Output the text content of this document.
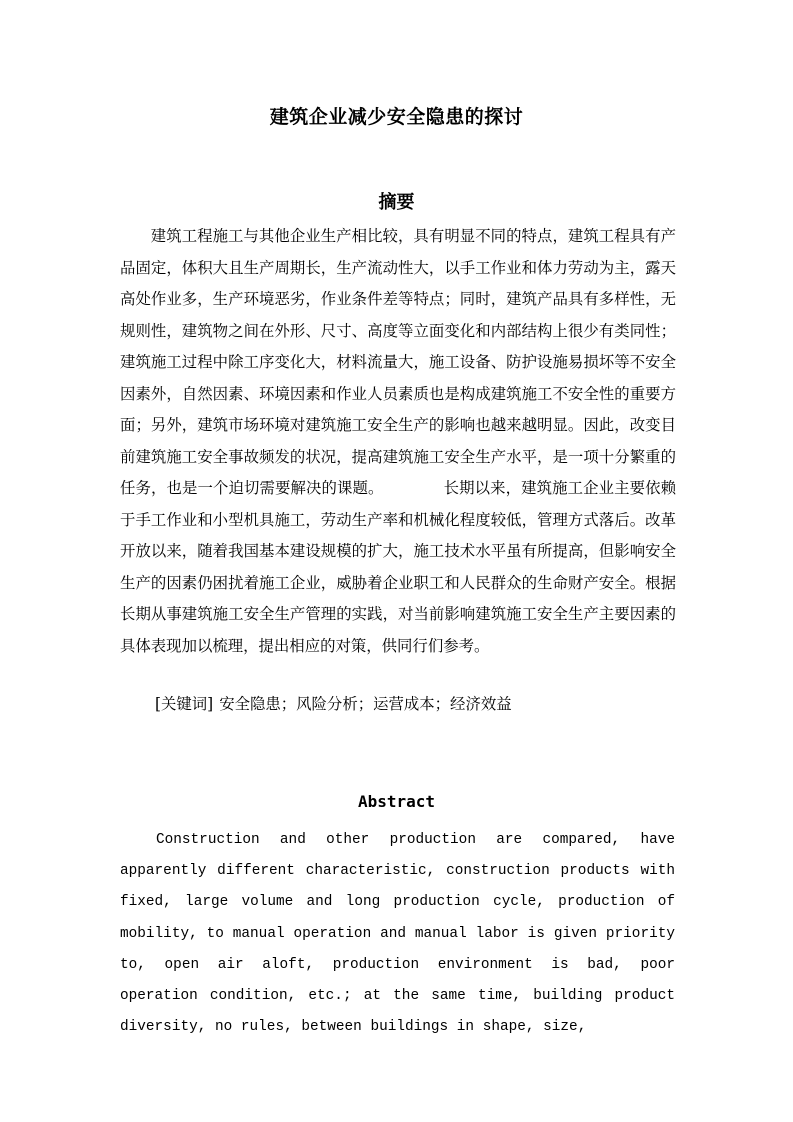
建筑企业减少安全隐患的探讨
摘要

建筑工程施工与其他企业生产相比较，具有明显不同的特点，建筑工程具有产品固定，体积大且生产周期长，生产流动性大，以手工作业和体力劳动为主，露天高处作业多，生产环境恶劣，作业条件差等特点；同时，建筑产品具有多样性，无规则性，建筑物之间在外形、尺寸、高度等立面变化和内部结构上很少有类同性；建筑施工过程中除工序变化大，材料流量大，施工设备、防护设施易损坏等不安全因素外，自然因素、环境因素和作业人员素质也是构成建筑施工不安全性的重要方面；另外，建筑市场环境对建筑施工安全生产的影响也越来越明显。因此，改变目前建筑施工安全事故频发的状况，提高建筑施工安全生产水平，是一项十分繁重的任务，也是一个迫切需要解决的课题。	长期以来，建筑施工企业主要依赖于手工作业和小型机具施工，劳动生产率和机械化程度较低，管理方式落后。改革开放以来，随着我国基本建设规模的扩大，施工技术水平虽有所提高，但影响安全生产的因素仍困扰着施工企业，威胁着企业职工和人民群众的生命财产安全。根据长期从事建筑施工安全生产管理的实践，对当前影响建筑施工安全生产主要因素的具体表现加以梳理，提出相应的对策，供同行们参考。

[关键词] 安全隐患；风险分析；运营成本；经济效益
Abstract

Construction and other production are compared, have apparently different characteristic, construction products with fixed, large volume and long production cycle, production of mobility, to manual operation and manual labor is given priority to, open air aloft, production environment is bad, poor operation condition, etc.; at the same time, building product diversity, no rules, between buildings in shape, size,
